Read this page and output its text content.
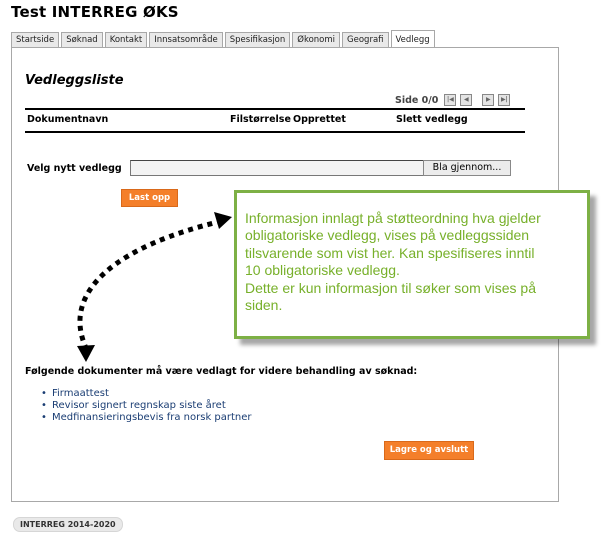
Test INTERREG ØKS
Startside	Søknad	Kontakt	Innsatsområde	Spesifikasjon	Økonomi	Geografi	Vedlegg
Vedleggsliste
Side 0/0	|◀	◀	▶	▶|
Dokumentnavn	Filstørrelse Opprettet	Slett vedlegg
Velg nytt vedlegg	Bla gjennom...
Last opp
Følgende dokumenter må være vedlagt for videre behandling av søknad:
• Firmaattest
• Revisor signert regnskap siste året
• Medfinansieringsbevis fra norsk partner
Lagre og avslutt
INTERREG 2014-2020
Informasjon innlagt på støtteordning hva gjelder
obligatoriske vedlegg, vises på vedleggssiden
tilsvarende som vist her. Kan spesifiseres inntil
10 obligatoriske vedlegg.
Dette er kun informasjon til søker som vises på
siden.
